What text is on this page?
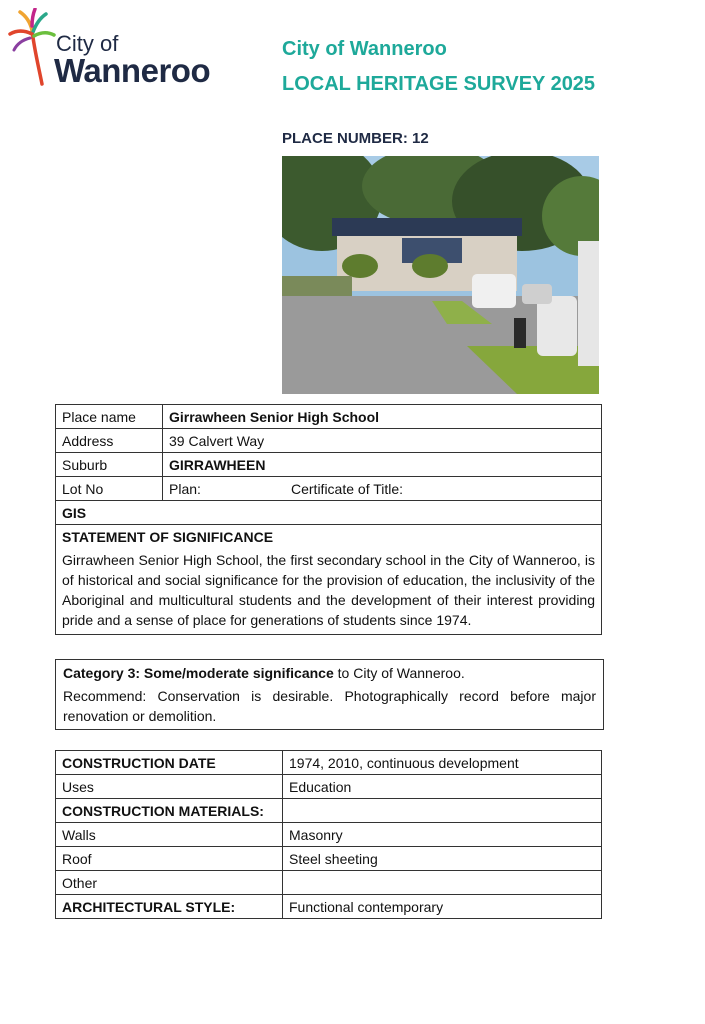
City of
Wanneroo
City of Wanneroo
LOCAL HERITAGE SURVEY 2025
PLACE NUMBER: 12
Place name	Girrawheen Senior High School
Address	39 Calvert Way
Suburb	GIRRAWHEEN
Lot No	Plan: Certificate of Title:
GIS	

STATEMENT OF SIGNIFICANCE
Girrawheen Senior High School, the first secondary school in the City of Wanneroo, is of historical and social significance for the provision of education, the inclusivity of the Aboriginal and multicultural students and the development of their interest providing pride and a sense of place for generations of students since 1974.	
Category 3: Some/moderate significance to City of Wanneroo.
Recommend: Conservation is desirable. Photographically record before major renovation or demolition.
CONSTRUCTION DATE	1974, 2010, continuous development
Uses	Education
CONSTRUCTION MATERIALS:	
Walls	Masonry
Roof	Steel sheeting
Other	
ARCHITECTURAL STYLE:	Functional contemporary
